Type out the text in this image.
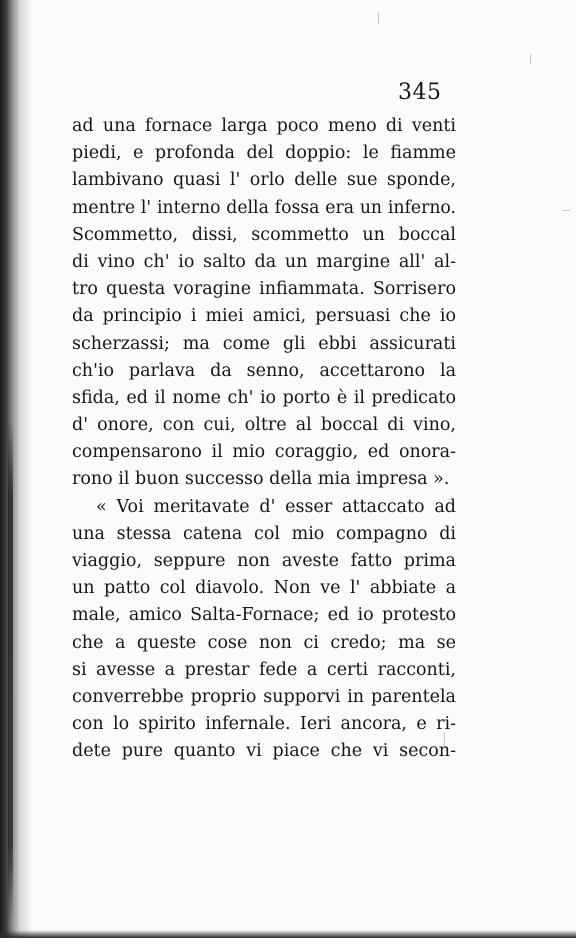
345
ad una fornace larga poco meno di venti
piedi, e profonda del doppio: le fiamme
lambivano quasi l' orlo delle sue sponde,
mentre l' interno della fossa era un inferno.
Scommetto, dissi, scommetto un boccal
di vino ch' io salto da un margine all' al-
tro questa voragine infiammata. Sorrisero
da principio i miei amici, persuasi che io
scherzassi; ma come gli ebbi assicurati
ch'io parlava da senno, accettarono la
sfida, ed il nome ch' io porto è il predicato
d' onore, con cui, oltre al boccal di vino,
compensarono il mio coraggio, ed onora-
rono il buon successo della mia impresa ».
« Voi meritavate d' esser attaccato ad
una stessa catena col mio compagno di
viaggio, seppure non aveste fatto prima
un patto col diavolo. Non ve l' abbiate a
male, amico Salta-Fornace; ed io protesto
che a queste cose non ci credo; ma se
si avesse a prestar fede a certi racconti,
converrebbe proprio supporvi in parentela
con lo spirito infernale. Ieri ancora, e ri-
dete pure quanto vi piace che vi secon-
